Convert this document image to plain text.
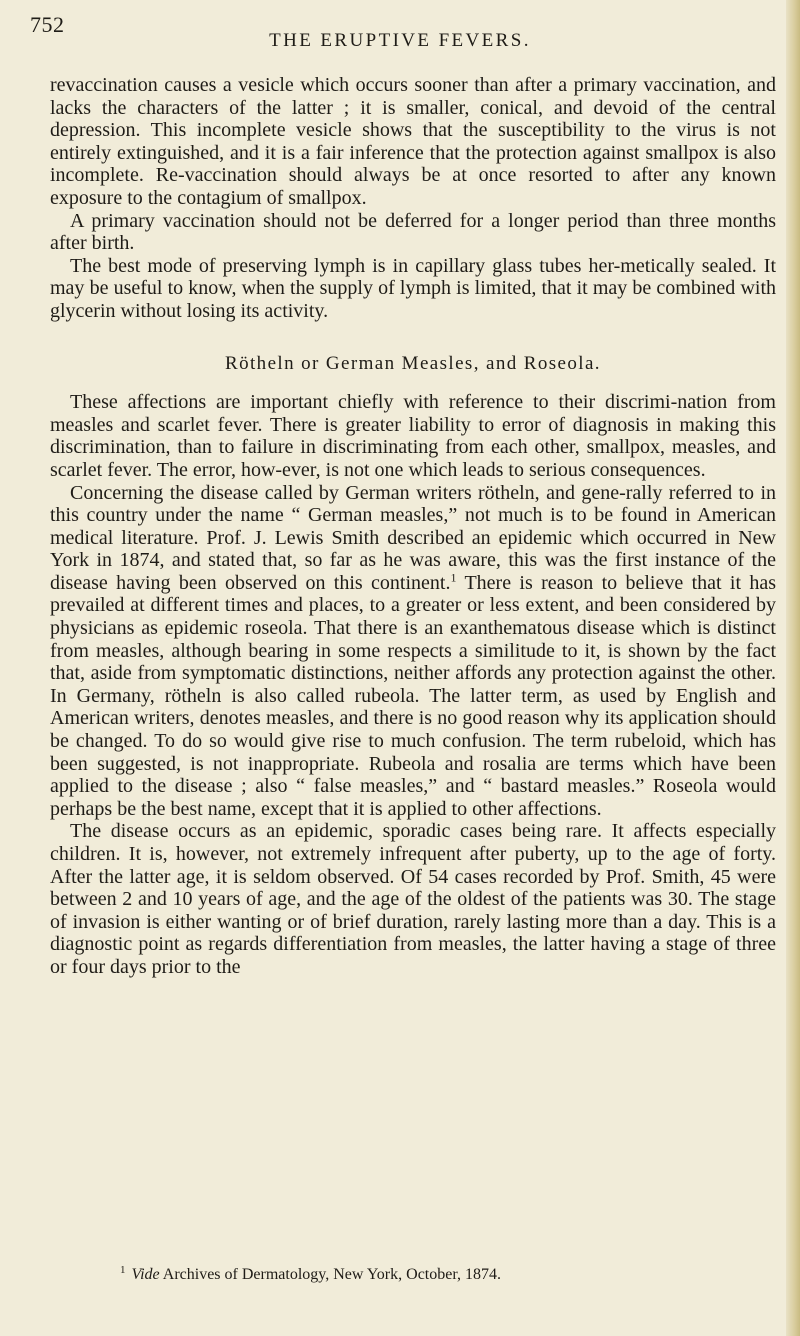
752
THE ERUPTIVE FEVERS.

revaccination causes a vesicle which occurs sooner than after a primary vaccination, and lacks the characters of the latter ; it is smaller, conical, and devoid of the central depression. This incomplete vesicle shows that the susceptibility to the virus is not entirely extinguished, and it is a fair inference that the protection against smallpox is also incomplete. Re-vaccination should always be at once resorted to after any known exposure to the contagium of smallpox.

A primary vaccination should not be deferred for a longer period than three months after birth.

The best mode of preserving lymph is in capillary glass tubes her-metically sealed. It may be useful to know, when the supply of lymph is limited, that it may be combined with glycerin without losing its activity.

Rötheln or German Measles, and Roseola.

These affections are important chiefly with reference to their discrimi-nation from measles and scarlet fever. There is greater liability to error of diagnosis in making this discrimination, than to failure in discriminating from each other, smallpox, measles, and scarlet fever. The error, how-ever, is not one which leads to serious consequences.

Concerning the disease called by German writers rötheln, and gene-rally referred to in this country under the name “ German measles,” not much is to be found in American medical literature. Prof. J. Lewis Smith described an epidemic which occurred in New York in 1874, and stated that, so far as he was aware, this was the first instance of the disease having been observed on this continent.$^1$ There is reason to believe that it has prevailed at different times and places, to a greater or less extent, and been considered by physicians as epidemic roseola. That there is an exanthematous disease which is distinct from measles, although bearing in some respects a similitude to it, is shown by the fact that, aside from symptomatic distinctions, neither affords any protection against the other. In Germany, rötheln is also called rubeola. The latter term, as used by English and American writers, denotes measles, and there is no good reason why its application should be changed. To do so would give rise to much confusion. The term rubeloid, which has been suggested, is not inappropriate. Rubeola and rosalia are terms which have been applied to the disease ; also “ false measles,” and “ bastard measles.” Roseola would perhaps be the best name, except that it is applied to other affections.

The disease occurs as an epidemic, sporadic cases being rare. It affects especially children. It is, however, not extremely infrequent after puberty, up to the age of forty. After the latter age, it is seldom observed. Of 54 cases recorded by Prof. Smith, 45 were between 2 and 10 years of age, and the age of the oldest of the patients was 30. The stage of invasion is either wanting or of brief duration, rarely lasting more than a day. This is a diagnostic point as regards differentiation from measles, the latter having a stage of three or four days prior to the

$^1$ Vide Archives of Dermatology, New York, October, 1874.
